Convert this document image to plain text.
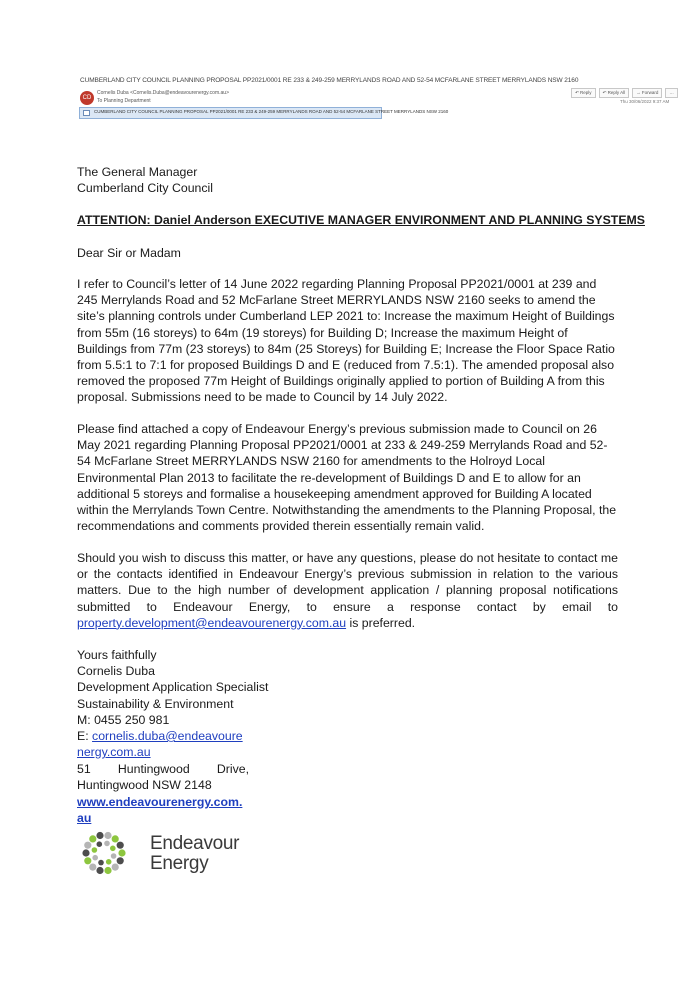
CUMBERLAND CITY COUNCIL PLANNING PROPOSAL PP2021/0001 RE 233 & 249-259 MERRYLANDS ROAD AND 52-54 MCFARLANE STREET MERRYLANDS NSW 2160
CD
Cornelis Duba <Cornelis.Duba@endeavourenergy.com.au>
To Planning Department
CUMBERLAND CITY COUNCIL PLANNING PROPOSAL PP2021/0001 RE 233 & 249-259 MERRYLANDS ROAD AND 52-54 MCFARLANE STREET MERRYLANDS NSW 2160
↶ Reply	↶ Reply All	→ Forward	…
Thu 30/06/2022 9:37 AM
The General Manager
Cumberland City Council
ATTENTION: Daniel Anderson EXECUTIVE MANAGER ENVIRONMENT AND PLANNING SYSTEMS
Dear Sir or Madam
I refer to Council’s letter of 14 June 2022 regarding Planning Proposal PP2021/0001 at 239 and 245 Merrylands Road and 52 McFarlane Street MERRYLANDS NSW 2160 seeks to amend the site’s planning controls under Cumberland LEP 2021 to: Increase the maximum Height of Buildings from 55m (16 storeys) to 64m (19 storeys) for Building D; Increase the maximum Height of Buildings from 77m (23 storeys) to 84m (25 Storeys) for Building E; Increase the Floor Space Ratio from 5.5:1 to 7:1 for proposed Buildings D and E (reduced from 7.5:1). The amended proposal also removed the proposed 77m Height of Buildings originally applied to portion of Building A from this proposal. Submissions need to be made to Council by 14 July 2022.
Please find attached a copy of Endeavour Energy’s previous submission made to Council on 26 May 2021 regarding Planning Proposal PP2021/0001 at 233 & 249-259 Merrylands Road and 52-54 McFarlane Street MERRYLANDS NSW 2160 for amendments to the Holroyd Local Environmental Plan 2013 to facilitate the re-development of Buildings D and E to allow for an additional 5 storeys and formalise a housekeeping amendment approved for Building A located within the Merrylands Town Centre. Notwithstanding the amendments to the Planning Proposal, the recommendations and comments provided therein essentially remain valid.
Should you wish to discuss this matter, or have any questions, please do not hesitate to contact me or the contacts identified in Endeavour Energy’s previous submission in relation to the various matters. Due to the high number of development application / planning proposal notifications submitted to Endeavour Energy, to ensure a response contact by email to property.development@endeavourenergy.com.au is preferred.
Yours faithfully
Cornelis Duba
Development Application Specialist
Sustainability & Environment
M: 0455 250 981
E: cornelis.duba@endeavourenergy.com.au
51 Huntingwood Drive,
Huntingwood NSW 2148
www.endeavourenergy.com.au
Endeavour
Energy
